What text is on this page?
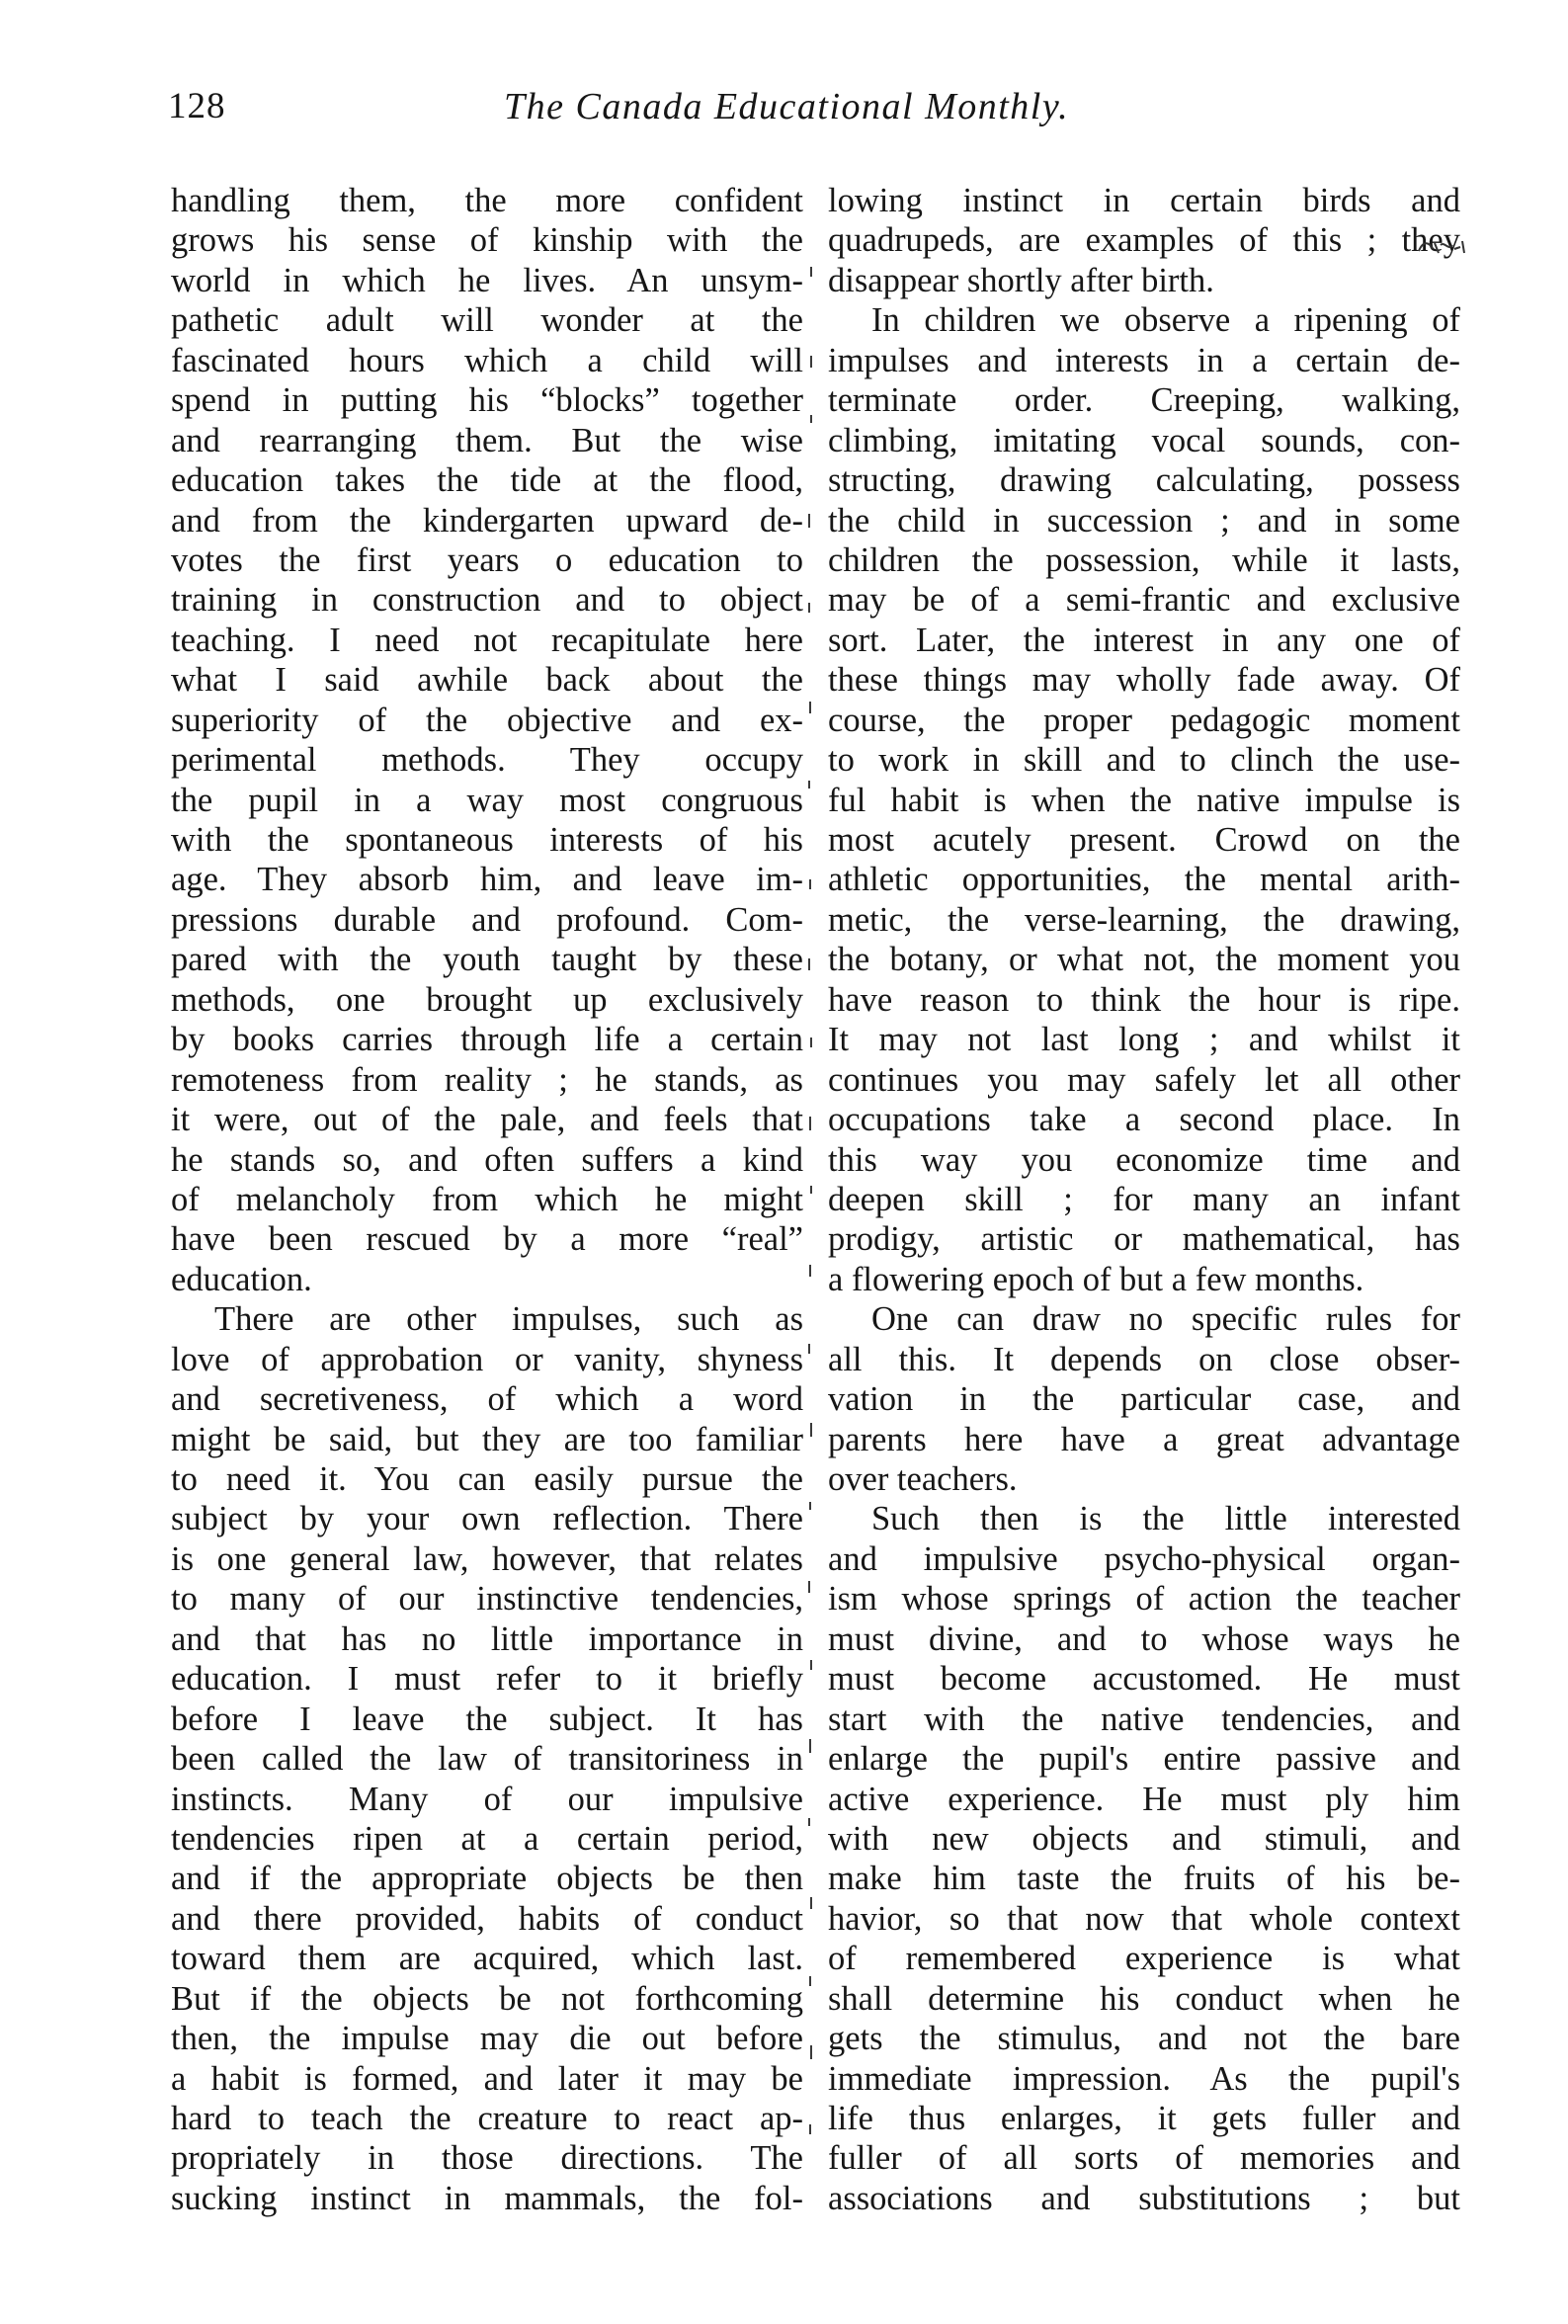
128	The Canada Educational Monthly.
handling them, the more confident
grows his sense of kinship with the
world in which he lives. An unsym-
pathetic adult will wonder at the
fascinated hours which a child will
spend in putting his “blocks” together
and rearranging them. But the wise
education takes the tide at the flood,
and from the kindergarten upward de-
votes the first years o education to
training in construction and to object
teaching. I need not recapitulate here
what I said awhile back about the
superiority of the objective and ex-
perimental methods. They occupy
the pupil in a way most congruous
with the spontaneous interests of his
age. They absorb him, and leave im-
pressions durable and profound. Com-
pared with the youth taught by these
methods, one brought up exclusively
by books carries through life a certain
remoteness from reality ; he stands, as
it were, out of the pale, and feels that
he stands so, and often suffers a kind
of melancholy from which he might
have been rescued by a more “real”
education.
There are other impulses, such as
love of approbation or vanity, shyness
and secretiveness, of which a word
might be said, but they are too familiar
to need it. You can easily pursue the
subject by your own reflection. There
is one general law, however, that relates
to many of our instinctive tendencies,
and that has no little importance in
education. I must refer to it briefly
before I leave the subject. It has
been called the law of transitoriness in
instincts. Many of our impulsive
tendencies ripen at a certain period,
and if the appropriate objects be then
and there provided, habits of conduct
toward them are acquired, which last.
But if the objects be not forthcoming
then, the impulse may die out before
a habit is formed, and later it may be
hard to teach the creature to react ap-
propriately in those directions. The
sucking instinct in mammals, the fol-
lowing instinct in certain birds and
quadrupeds, are examples of this ; they
disappear shortly after birth.
In children we observe a ripening of
impulses and interests in a certain de-
terminate order. Creeping, walking,
climbing, imitating vocal sounds, con-
structing, drawing calculating, possess
the child in succession ; and in some
children the possession, while it lasts,
may be of a semi-frantic and exclusive
sort. Later, the interest in any one of
these things may wholly fade away. Of
course, the proper pedagogic moment
to work in skill and to clinch the use-
ful habit is when the native impulse is
most acutely present. Crowd on the
athletic opportunities, the mental arith-
metic, the verse-learning, the drawing,
the botany, or what not, the moment you
have reason to think the hour is ripe.
It may not last long ; and whilst it
continues you may safely let all other
occupations take a second place. In
this way you economize time and
deepen skill ; for many an infant
prodigy, artistic or mathematical, has
a flowering epoch of but a few months.
One can draw no specific rules for
all this. It depends on close obser-
vation in the particular case, and
parents here have a great advantage
over teachers.
Such then is the little interested
and impulsive psycho-physical organ-
ism whose springs of action the teacher
must divine, and to whose ways he
must become accustomed. He must
start with the native tendencies, and
enlarge the pupil's entire passive and
active experience. He must ply him
with new objects and stimuli, and
make him taste the fruits of his be-
havior, so that now that whole context
of remembered experience is what
shall determine his conduct when he
gets the stimulus, and not the bare
immediate impression. As the pupil's
life thus enlarges, it gets fuller and
fuller of all sorts of memories and
associations and substitutions ; but
